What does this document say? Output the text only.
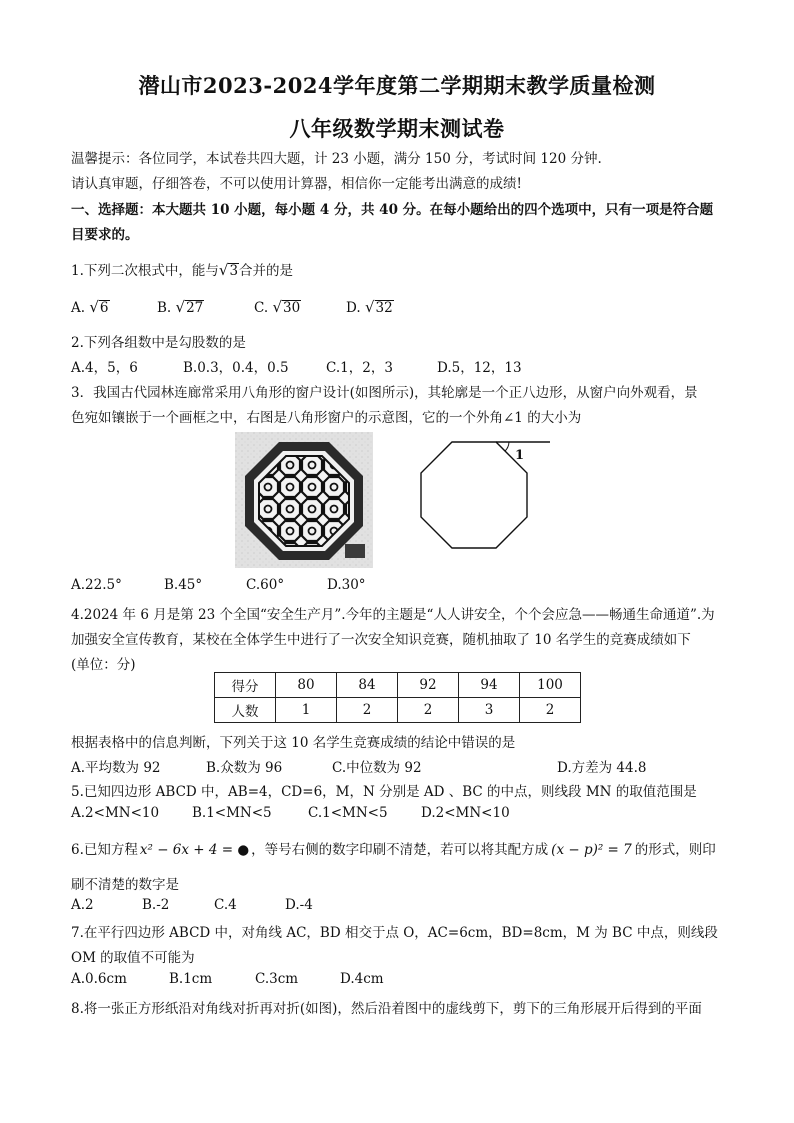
潜山市2023-2024学年度第二学期期末教学质量检测
八年级数学期末测试卷
温馨提示：各位同学，本试卷共四大题，计 23 小题，满分 150 分，考试时间 120 分钟.
请认真审题，仔细答卷，不可以使用计算器，相信你一定能考出满意的成绩!
一、选择题：本大题共 10 小题，每小题 4 分，共 40 分。在每小题给出的四个选项中，只有一项是符合题
目要求的。
1.下列二次根式中，能与√3合并的是
A. √6	B. √27	C. √30	D. √32
2.下列各组数中是勾股数的是
A.4，5，6	B.0.3，0.4，0.5	C.1，2，3	D.5，12，13
3．我国古代园林连廊常采用八角形的窗户设计(如图所示)，其轮廓是一个正八边形，从窗户向外观看，景
色宛如镶嵌于一个画框之中，右图是八角形窗户的示意图，它的一个外角∠1 的大小为
1
A.22.5°	B.45°	C.60°	D.30°
4.2024 年 6 月是第 23 个全国“安全生产月”.今年的主题是“人人讲安全，个个会应急——畅通生命通道”.为
加强安全宣传教育，某校在全体学生中进行了一次安全知识竞赛，随机抽取了 10 名学生的竞赛成绩如下
(单位：分)
得分	80	84	92	94	100
人数	1	2	2	3	2
根据表格中的信息判断，下列关于这 10 名学生竞赛成绩的结论中错误的是
A.平均数为 92	B.众数为 96	C.中位数为 92	D.方差为 44.8
5.已知四边形 ABCD 中，AB=4，CD=6，M，N 分别是 AD 、BC 的中点，则线段 MN 的取值范围是
A.2<MN<10 B.1<MN<5	C.1<MN<5 D.2<MN<10
6.已知方程 x² − 6x + 4 = ● ，等号右侧的数字印刷不清楚，若可以将其配方成 (x − p)² = 7 的形式，则印
刷不清楚的数字是
A.2	B.-2	C.4	D.-4
7.在平行四边形 ABCD 中，对角线 AC，BD 相交于点 O，AC=6cm，BD=8cm，M 为 BC 中点，则线段
OM 的取值不可能为
A.0.6cm	B.1cm	C.3cm	D.4cm
8.将一张正方形纸沿对角线对折再对折(如图)，然后沿着图中的虚线剪下，剪下的三角形展开后得到的平面
